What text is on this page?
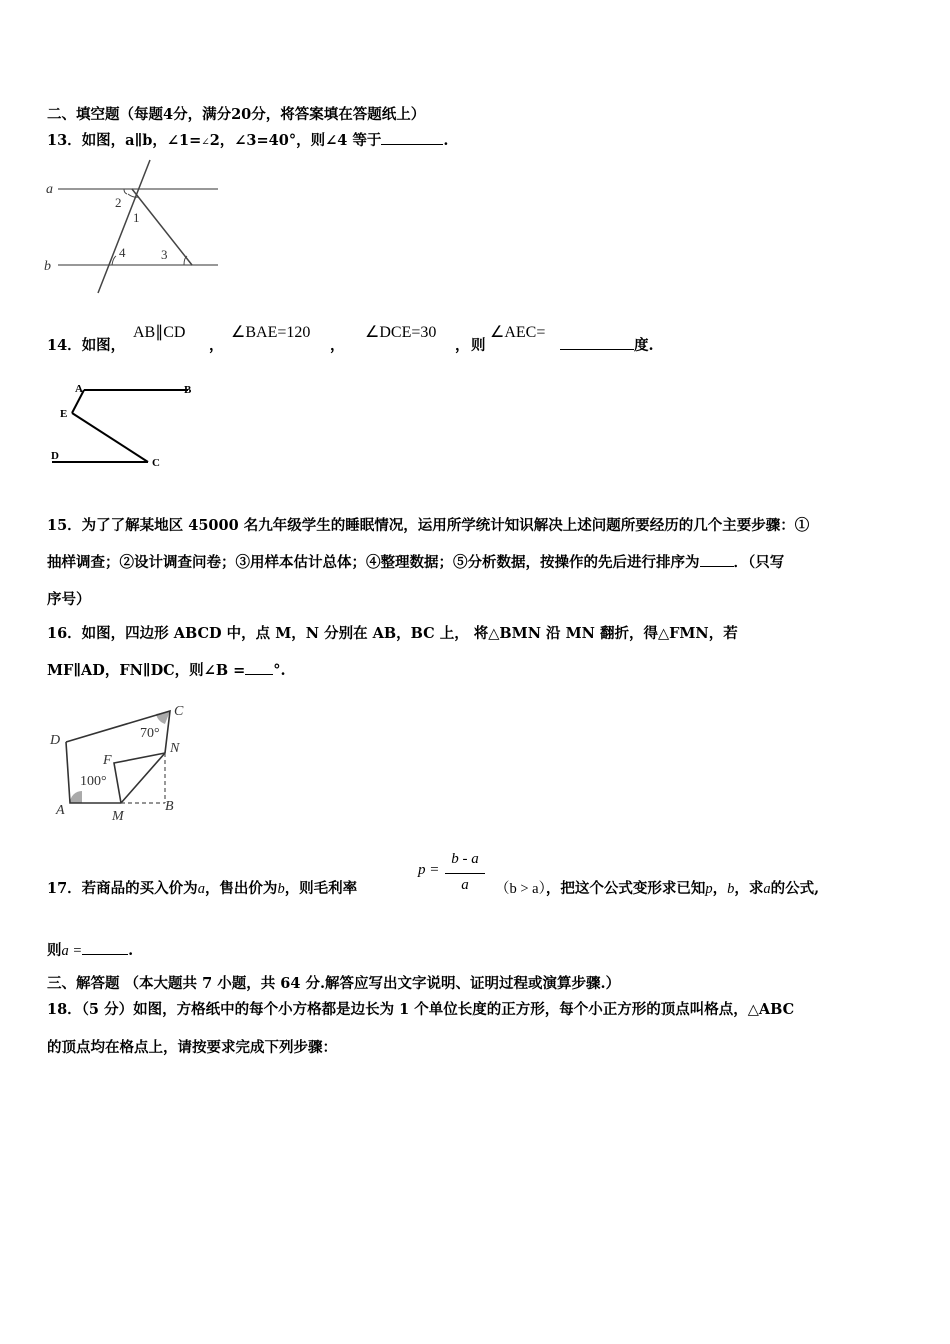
二、填空题（每题4分，满分20分，将答案填在答题纸上）
13．如图，a∥b，∠1=∠2，∠3=40°，则∠4 等于	.
a
b
2
1
4	3
14．如图，
AB∥CD
，
∠BAE=120
，
∠DCE=30
， 则
∠AEC=
度.
A	B
E
D
C
15．为了了解某地区 45000 名九年级学生的睡眠情况，运用所学统计知识解决上述问题所要经历的几个主要步骤：①
抽样调查；②设计调查问卷；③用样本估计总体；④整理数据；⑤分析数据，按操作的先后进行排序为 ．（只写
序号）
16．如图，四边形 ABCD 中，点 M，N 分别在 AB，BC 上， 将△BMN 沿 MN 翻折，得△FMN，若
MF∥AD，FN∥DC，则∠B = °.
D
C
N
F
A	M
B
70°
100°
17．若商品的买入价为a，售出价为b，则毛利率
p =
b - a
a	（b > a），把这个公式变形求已知p，b，求a的公式,
则a =	.
三、解答题 （本大题共 7 小题，共 64 分.解答应写出文字说明、证明过程或演算步骤.）
18．（5 分）如图，方格纸中的每个小方格都是边长为 1 个单位长度的正方形，每个小正方形的顶点叫格点，△ABC
的顶点均在格点上，请按要求完成下列步骤：
